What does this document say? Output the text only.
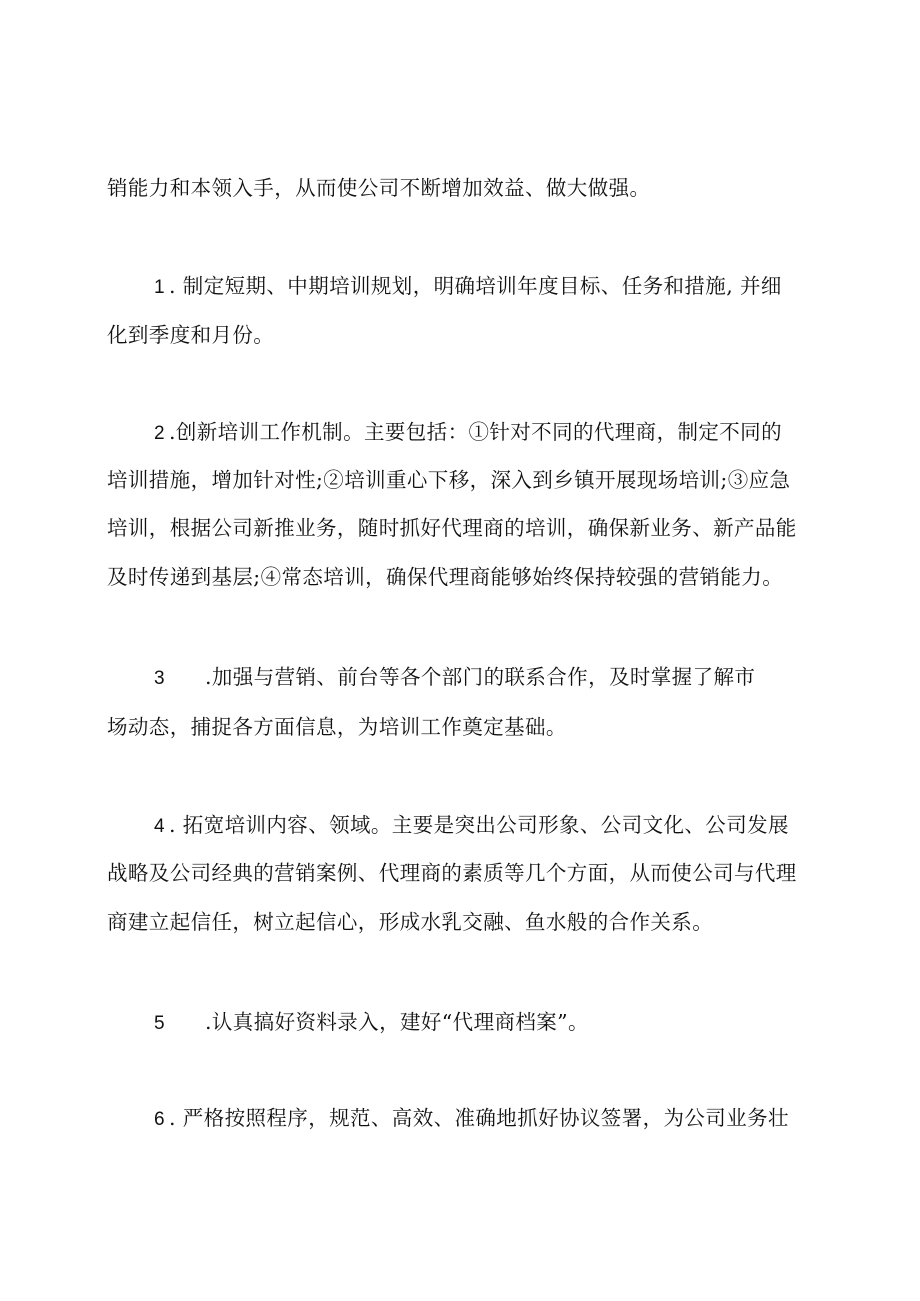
销能力和本领入手，从而使公司不断增加效益、做大做强。
1 . 制定短期、中期培训规划，明确培训年度目标、任务和措施, 并细
化到季度和月份。
2 .创新培训工作机制。主要包括：①针对不同的代理商，制定不同的
培训措施，增加针对性;②培训重心下移，深入到乡镇开展现场培训;③应急
培训，根据公司新推业务，随时抓好代理商的培训，确保新业务、新产品能
及时传递到基层;④常态培训，确保代理商能够始终保持较强的营销能力。
3 .加强与营销、前台等各个部门的联系合作，及时掌握了解市
场动态，捕捉各方面信息，为培训工作奠定基础。
4 . 拓宽培训内容、领域。主要是突出公司形象、公司文化、公司发展
战略及公司经典的营销案例、代理商的素质等几个方面，从而使公司与代理
商建立起信任，树立起信心，形成水乳交融、鱼水般的合作关系。
5 .认真搞好资料录入，建好“代理商档案”。
6 . 严格按照程序，规范、高效、准确地抓好协议签署，为公司业务壮
